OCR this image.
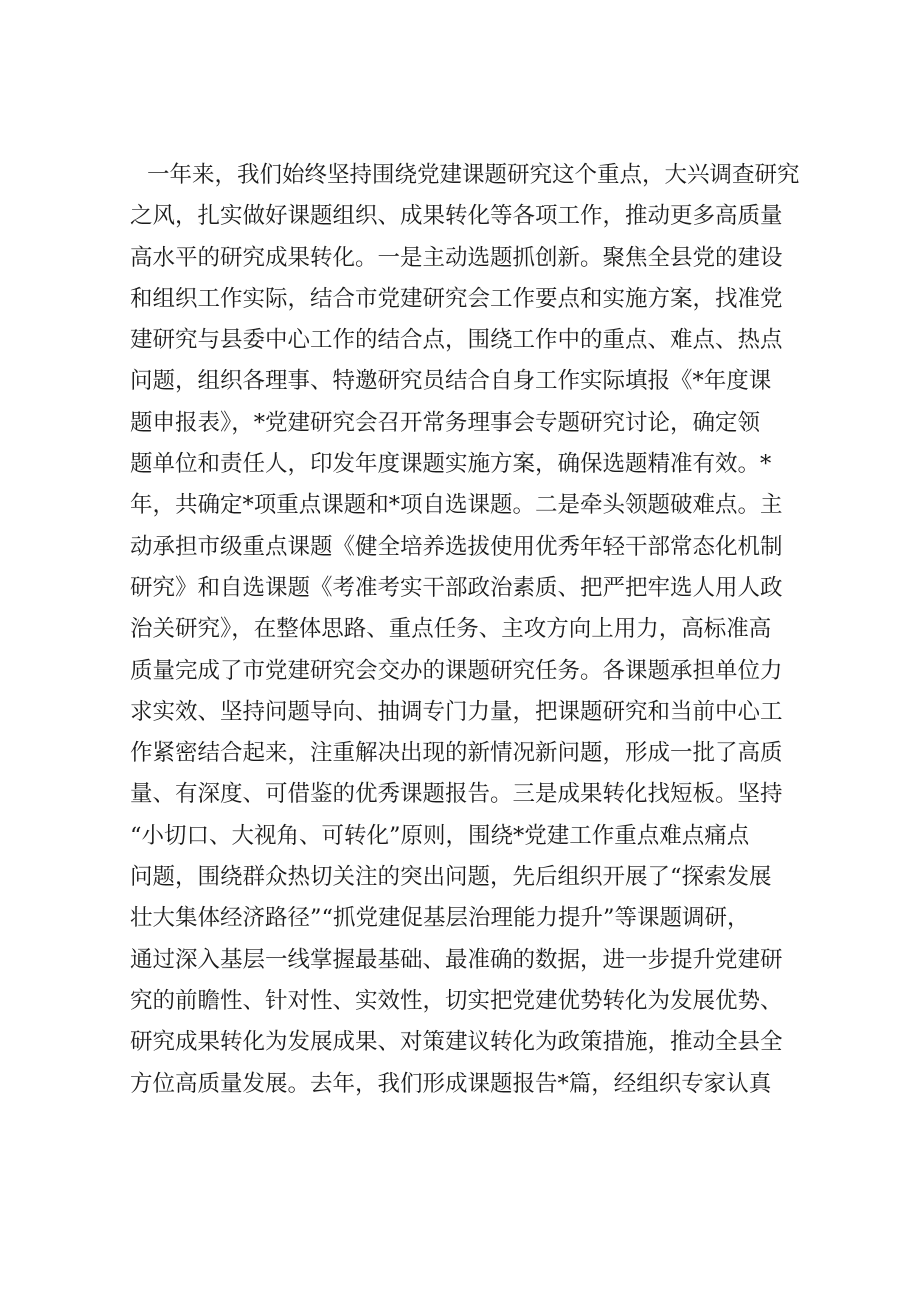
一年来，我们始终坚持围绕党建课题研究这个重点，大兴调查研究
之风，扎实做好课题组织、成果转化等各项工作，推动更多高质量
高水平的研究成果转化。一是主动选题抓创新。聚焦全县党的建设
和组织工作实际，结合市党建研究会工作要点和实施方案，找准党
建研究与县委中心工作的结合点，围绕工作中的重点、难点、热点
问题，组织各理事、特邀研究员结合自身工作实际填报《*年度课
题申报表》，*党建研究会召开常务理事会专题研究讨论，确定领
题单位和责任人，印发年度课题实施方案，确保选题精准有效。*
年，共确定*项重点课题和*项自选课题。二是牵头领题破难点。主
动承担市级重点课题《健全培养选拔使用优秀年轻干部常态化机制
研究》和自选课题《考准考实干部政治素质、把严把牢选人用人政
治关研究》，在整体思路、重点任务、主攻方向上用力，高标准高
质量完成了市党建研究会交办的课题研究任务。各课题承担单位力
求实效、坚持问题导向、抽调专门力量，把课题研究和当前中心工
作紧密结合起来，注重解决出现的新情况新问题，形成一批了高质
量、有深度、可借鉴的优秀课题报告。三是成果转化找短板。坚持
“小切口、大视角、可转化”原则，围绕*党建工作重点难点痛点
问题，围绕群众热切关注的突出问题，先后组织开展了“探索发展
壮大集体经济路径”“抓党建促基层治理能力提升”等课题调研，
通过深入基层一线掌握最基础、最准确的数据，进一步提升党建研
究的前瞻性、针对性、实效性，切实把党建优势转化为发展优势、
研究成果转化为发展成果、对策建议转化为政策措施，推动全县全
方位高质量发展。去年，我们形成课题报告*篇，经组织专家认真
